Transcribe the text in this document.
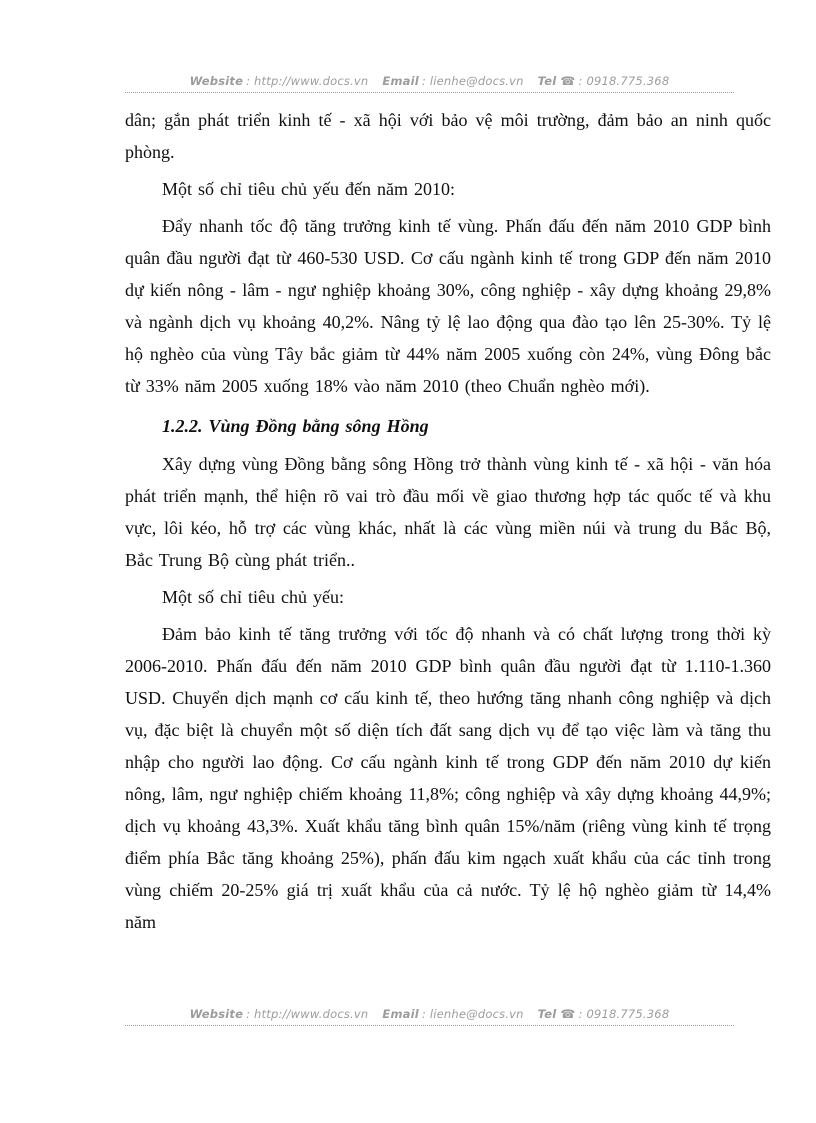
Website : http://www.docs.vn Email : lienhe@docs.vn Tel ☎ : 0918.775.368

dân; gắn phát triển kinh tế - xã hội với bảo vệ môi trường, đảm bảo an ninh quốc phòng.

Một số chỉ tiêu chủ yếu đến năm 2010:

Đẩy nhanh tốc độ tăng trưởng kinh tế vùng. Phấn đấu đến năm 2010 GDP bình quân đầu người đạt từ 460-530 USD. Cơ cấu ngành kinh tế trong GDP đến năm 2010 dự kiến nông - lâm - ngư nghiệp khoảng 30%, công nghiệp - xây dựng khoảng 29,8% và ngành dịch vụ khoảng 40,2%. Nâng tỷ lệ lao động qua đào tạo lên 25-30%. Tỷ lệ hộ nghèo của vùng Tây bắc giảm từ 44% năm 2005 xuống còn 24%, vùng Đông bắc từ 33% năm 2005 xuống 18% vào năm 2010 (theo Chuẩn nghèo mới).

1.2.2. Vùng Đồng bằng sông Hồng

Xây dựng vùng Đồng bằng sông Hồng trở thành vùng kinh tế - xã hội - văn hóa phát triển mạnh, thể hiện rõ vai trò đầu mối về giao thương hợp tác quốc tế và khu vực, lôi kéo, hỗ trợ các vùng khác, nhất là các vùng miền núi và trung du Bắc Bộ, Bắc Trung Bộ cùng phát triển..

Một số chỉ tiêu chủ yếu:

Đảm bảo kinh tế tăng trưởng với tốc độ nhanh và có chất lượng trong thời kỳ 2006-2010. Phấn đấu đến năm 2010 GDP bình quân đầu người đạt từ 1.110-1.360 USD. Chuyển dịch mạnh cơ cấu kinh tế, theo hướng tăng nhanh công nghiệp và dịch vụ, đặc biệt là chuyển một số diện tích đất sang dịch vụ để tạo việc làm và tăng thu nhập cho người lao động. Cơ cấu ngành kinh tế trong GDP đến năm 2010 dự kiến nông, lâm, ngư nghiệp chiếm khoảng 11,8%; công nghiệp và xây dựng khoảng 44,9%; dịch vụ khoảng 43,3%. Xuất khẩu tăng bình quân 15%/năm (riêng vùng kinh tế trọng điểm phía Bắc tăng khoảng 25%), phấn đấu kim ngạch xuất khẩu của các tỉnh trong vùng chiếm 20-25% giá trị xuất khẩu của cả nước. Tỷ lệ hộ nghèo giảm từ 14,4% năm

Website : http://www.docs.vn Email : lienhe@docs.vn Tel ☎ : 0918.775.368
